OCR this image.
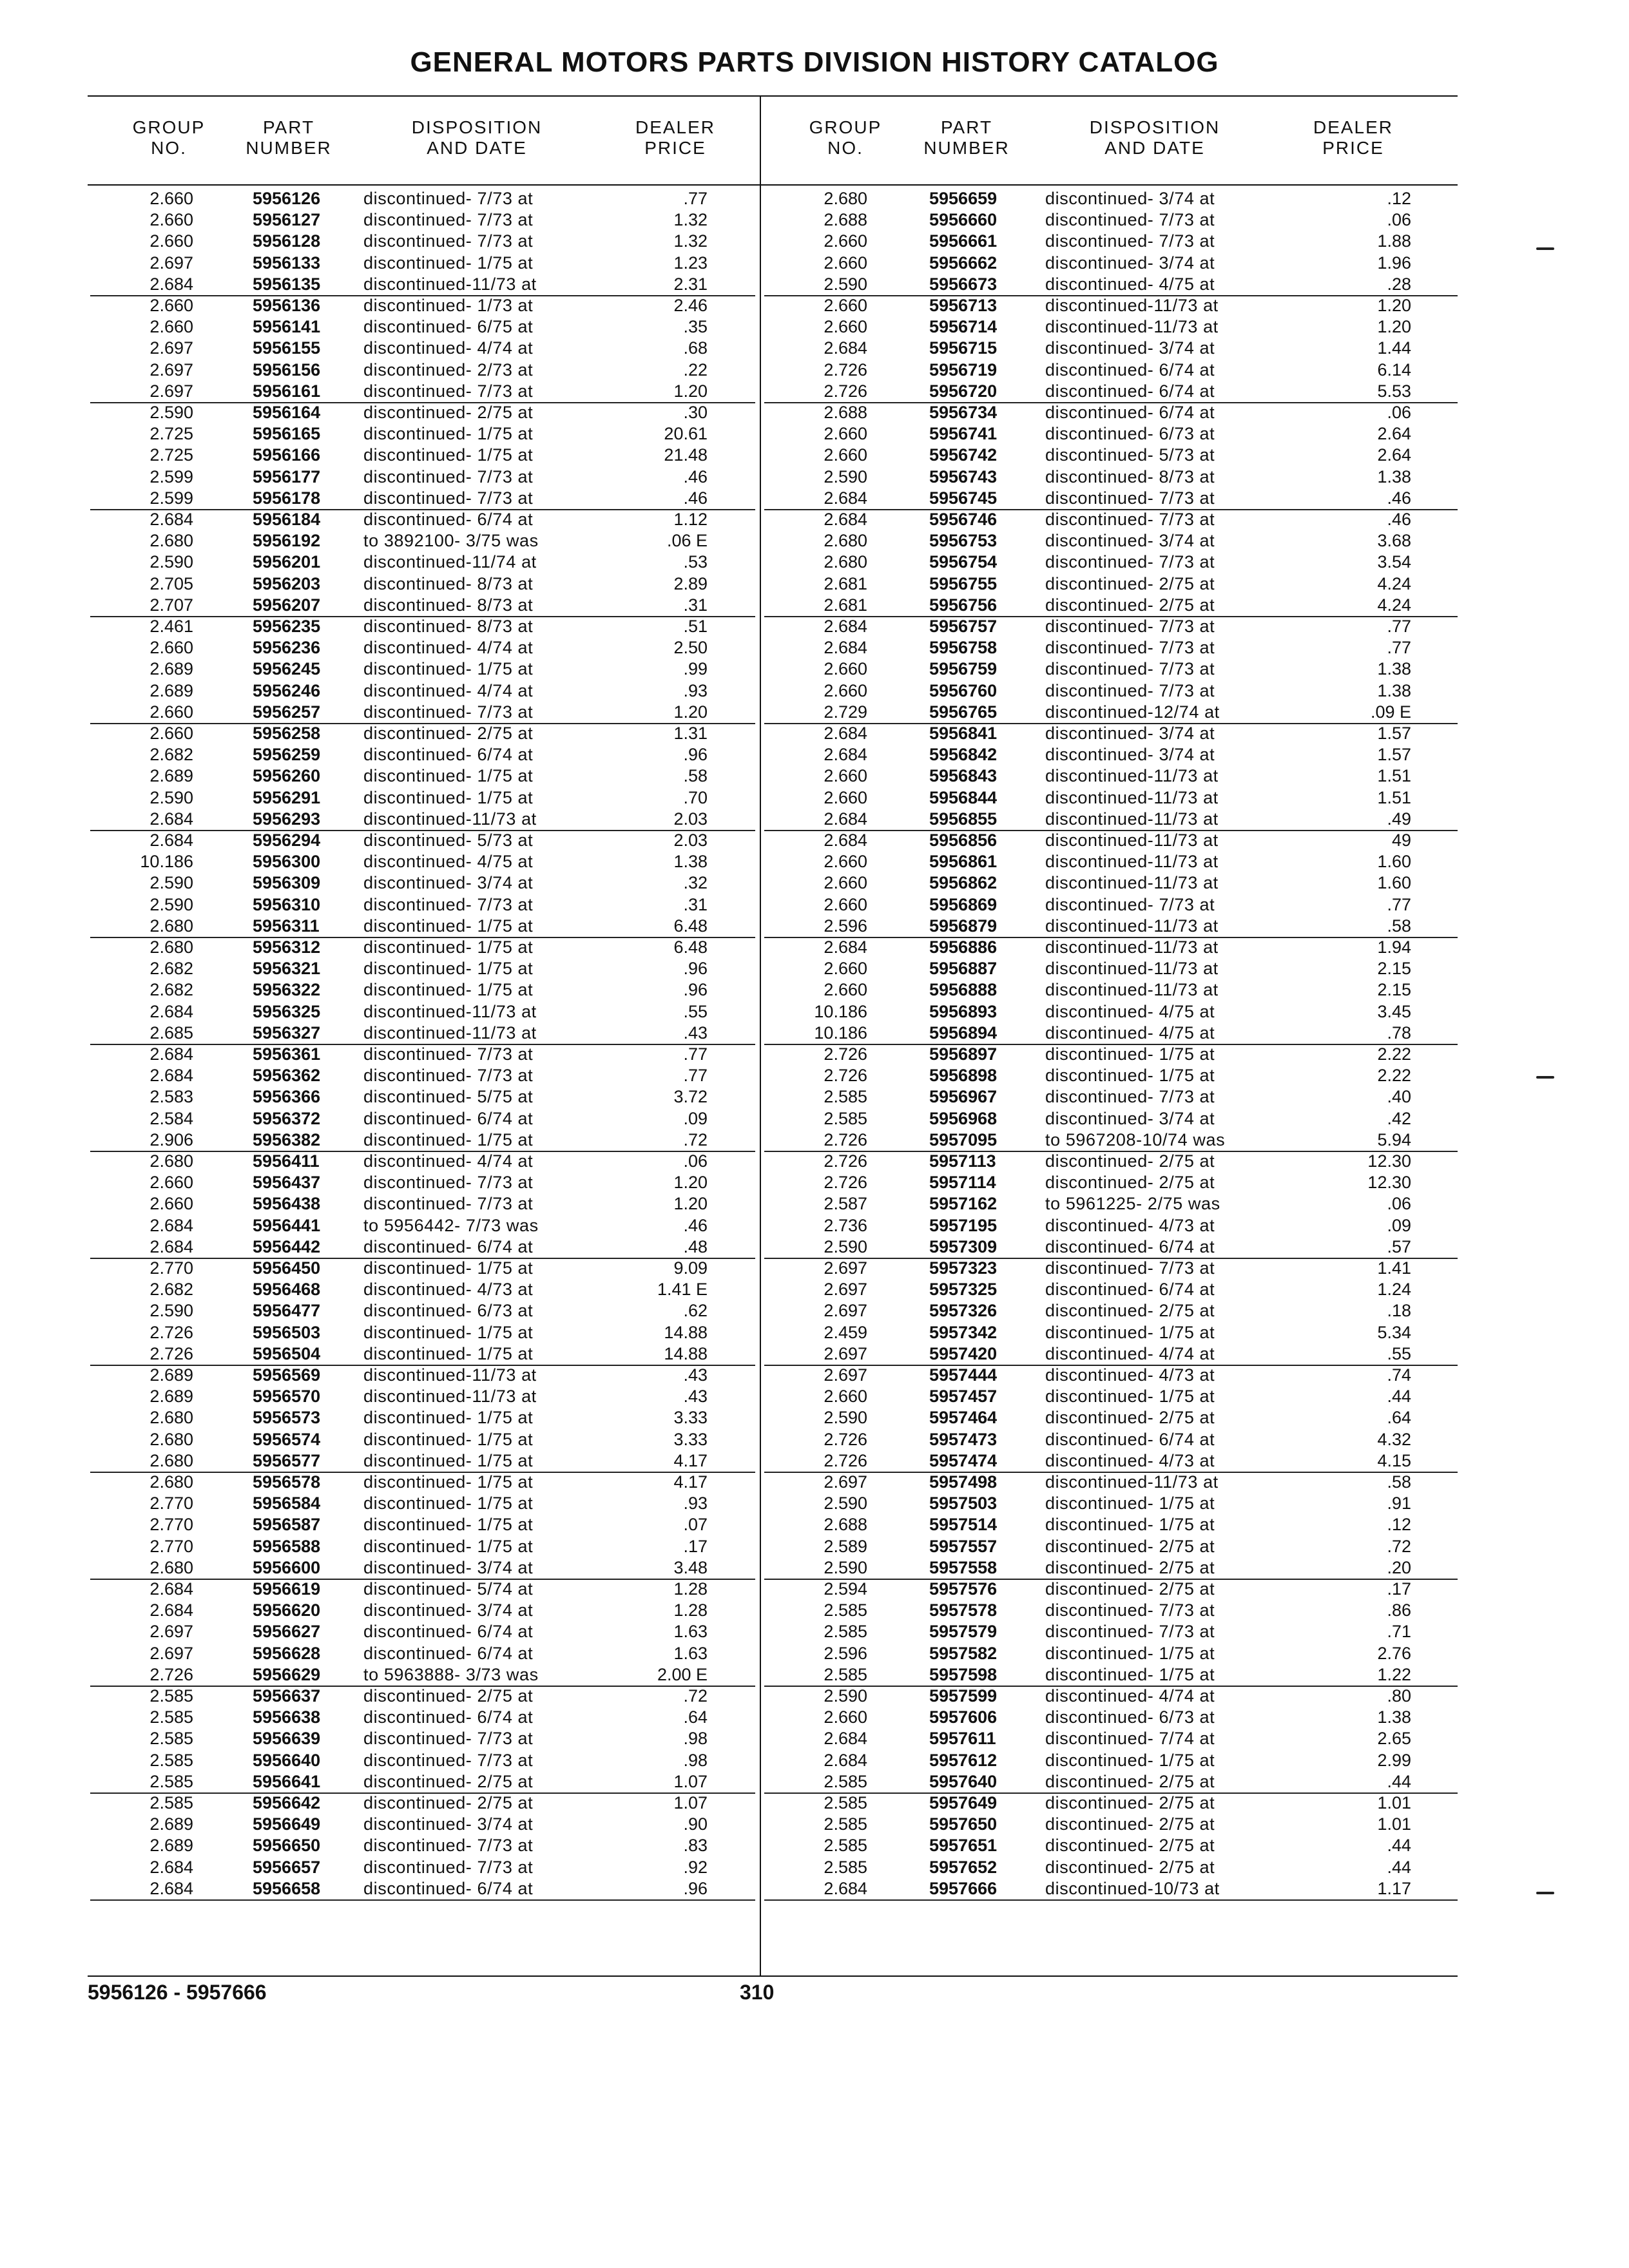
GENERAL MOTORS PARTS DIVISION HISTORY CATALOG
GROUP
NO.
PART
NUMBER
DISPOSITION
AND DATE
DEALER
PRICE
GROUP
NO.
PART
NUMBER
DISPOSITION
AND DATE
DEALER
PRICE
2.660	5956126 discontinued- 7/73 at	.77
2.660	5956127 discontinued- 7/73 at	1.32
2.660	5956128 discontinued- 7/73 at	1.32
2.697	5956133 discontinued- 1/75 at	1.23
2.684	5956135 discontinued-11/73 at	2.31
2.660	5956136 discontinued- 1/73 at	2.46
2.660	5956141 discontinued- 6/75 at	.35
2.697	5956155 discontinued- 4/74 at	.68
2.697	5956156 discontinued- 2/73 at	.22
2.697	5956161 discontinued- 7/73 at	1.20
2.590	5956164 discontinued- 2/75 at	.30
2.725	5956165 discontinued- 1/75 at	20.61
2.725	5956166 discontinued- 1/75 at	21.48
2.599	5956177 discontinued- 7/73 at	.46
2.599	5956178 discontinued- 7/73 at	.46
2.684	5956184 discontinued- 6/74 at	1.12
2.680	5956192 to 3892100- 3/75 was	.06 E
2.590	5956201 discontinued-11/74 at	.53
2.705	5956203 discontinued- 8/73 at	2.89
2.707	5956207 discontinued- 8/73 at	.31
2.461	5956235 discontinued- 8/73 at	.51
2.660	5956236 discontinued- 4/74 at	2.50
2.689	5956245 discontinued- 1/75 at	.99
2.689	5956246 discontinued- 4/74 at	.93
2.660	5956257 discontinued- 7/73 at	1.20
2.660	5956258 discontinued- 2/75 at	1.31
2.682	5956259 discontinued- 6/74 at	.96
2.689	5956260 discontinued- 1/75 at	.58
2.590	5956291 discontinued- 1/75 at	.70
2.684	5956293 discontinued-11/73 at	2.03
2.684	5956294 discontinued- 5/73 at	2.03
10.186	5956300 discontinued- 4/75 at	1.38
2.590	5956309 discontinued- 3/74 at	.32
2.590	5956310 discontinued- 7/73 at	.31
2.680	5956311	discontinued- 1/75 at	6.48
2.680	5956312 discontinued- 1/75 at	6.48
2.682	5956321 discontinued- 1/75 at	.96
2.682	5956322 discontinued- 1/75 at	.96
2.684	5956325 discontinued-11/73 at	.55
2.685	5956327 discontinued-11/73 at	.43
2.684	5956361 discontinued- 7/73 at	.77
2.684	5956362 discontinued- 7/73 at	.77
2.583	5956366 discontinued- 5/75 at	3.72
2.584	5956372 discontinued- 6/74 at	.09
2.906	5956382 discontinued- 1/75 at	.72
2.680	5956411	discontinued- 4/74 at	.06
2.660	5956437 discontinued- 7/73 at	1.20
2.660	5956438 discontinued- 7/73 at	1.20
2.684	5956441 to 5956442- 7/73 was	.46
2.684	5956442 discontinued- 6/74 at	.48
2.770	5956450 discontinued- 1/75 at	9.09
2.682	5956468 discontinued- 4/73 at	1.41 E
2.590	5956477 discontinued- 6/73 at	.62
2.726	5956503 discontinued- 1/75 at	14.88
2.726	5956504 discontinued- 1/75 at	14.88
2.689	5956569 discontinued-11/73 at	.43
2.689	5956570 discontinued-11/73 at	.43
2.680	5956573 discontinued- 1/75 at	3.33
2.680	5956574 discontinued- 1/75 at	3.33
2.680	5956577 discontinued- 1/75 at	4.17
2.680	5956578 discontinued- 1/75 at	4.17
2.770	5956584 discontinued- 1/75 at	.93
2.770	5956587 discontinued- 1/75 at	.07
2.770	5956588 discontinued- 1/75 at	.17
2.680	5956600 discontinued- 3/74 at	3.48
2.684	5956619 discontinued- 5/74 at	1.28
2.684	5956620 discontinued- 3/74 at	1.28
2.697	5956627 discontinued- 6/74 at	1.63
2.697	5956628 discontinued- 6/74 at	1.63
2.726	5956629 to 5963888- 3/73 was	2.00 E
2.585	5956637 discontinued- 2/75 at	.72
2.585	5956638 discontinued- 6/74 at	.64
2.585	5956639 discontinued- 7/73 at	.98
2.585	5956640 discontinued- 7/73 at	.98
2.585	5956641 discontinued- 2/75 at	1.07
2.585	5956642 discontinued- 2/75 at	1.07
2.689	5956649 discontinued- 3/74 at	.90
2.689	5956650 discontinued- 7/73 at	.83
2.684	5956657 discontinued- 7/73 at	.92
2.684	5956658 discontinued- 6/74 at	.96
2.680	5956659	discontinued- 3/74 at	.12
2.688	5956660	discontinued- 7/73 at	.06
2.660	5956661	discontinued- 7/73 at	1.88
2.660	5956662	discontinued- 3/74 at	1.96
2.590	5956673	discontinued- 4/75 at	.28
2.660	5956713	discontinued-11/73 at	1.20
2.660	5956714	discontinued-11/73 at	1.20
2.684	5956715	discontinued- 3/74 at	1.44
2.726	5956719	discontinued- 6/74 at	6.14
2.726	5956720	discontinued- 6/74 at	5.53
2.688	5956734	discontinued- 6/74 at	.06
2.660	5956741	discontinued- 6/73 at	2.64
2.660	5956742	discontinued- 5/73 at	2.64
2.590	5956743	discontinued- 8/73 at	1.38
2.684	5956745	discontinued- 7/73 at	.46
2.684	5956746	discontinued- 7/73 at	.46
2.680	5956753	discontinued- 3/74 at	3.68
2.680	5956754	discontinued- 7/73 at	3.54
2.681	5956755	discontinued- 2/75 at	4.24
2.681	5956756	discontinued- 2/75 at	4.24
2.684	5956757	discontinued- 7/73 at	.77
2.684	5956758	discontinued- 7/73 at	.77
2.660	5956759	discontinued- 7/73 at	1.38
2.660	5956760	discontinued- 7/73 at	1.38
2.729	5956765	discontinued-12/74 at	.09 E
2.684	5956841	discontinued- 3/74 at	1.57
2.684	5956842	discontinued- 3/74 at	1.57
2.660	5956843	discontinued-11/73 at	1.51
2.660	5956844	discontinued-11/73 at	1.51
2.684	5956855	discontinued-11/73 at	.49
2.684	5956856	discontinued-11/73 at	49
2.660	5956861	discontinued-11/73 at	1.60
2.660	5956862	discontinued-11/73 at	1.60
2.660	5956869	discontinued- 7/73 at	.77
2.596	5956879	discontinued-11/73 at	.58
2.684	5956886	discontinued-11/73 at	1.94
2.660	5956887	discontinued-11/73 at	2.15
2.660	5956888	discontinued-11/73 at	2.15
10.186	5956893	discontinued- 4/75 at	3.45
10.186	5956894	discontinued- 4/75 at	.78
2.726	5956897	discontinued- 1/75 at	2.22
2.726	5956898	discontinued- 1/75 at	2.22
2.585	5956967	discontinued- 7/73 at	.40
2.585	5956968	discontinued- 3/74 at	.42
2.726	5957095	to 5967208-10/74 was	5.94
2.726	5957113	discontinued- 2/75 at	12.30
2.726	5957114	discontinued- 2/75 at	12.30
2.587	5957162	to 5961225- 2/75 was	.06
2.736	5957195	discontinued- 4/73 at	.09
2.590	5957309	discontinued- 6/74 at	.57
2.697	5957323	discontinued- 7/73 at	1.41
2.697	5957325	discontinued- 6/74 at	1.24
2.697	5957326	discontinued- 2/75 at	.18
2.459	5957342	discontinued- 1/75 at	5.34
2.697	5957420	discontinued- 4/74 at	.55
2.697	5957444	discontinued- 4/73 at	.74
2.660	5957457	discontinued- 1/75 at	.44
2.590	5957464	discontinued- 2/75 at	.64
2.726	5957473	discontinued- 6/74 at	4.32
2.726	5957474	discontinued- 4/73 at	4.15
2.697	5957498	discontinued-11/73 at	.58
2.590	5957503	discontinued- 1/75 at	.91
2.688	5957514	discontinued- 1/75 at	.12
2.589	5957557	discontinued- 2/75 at	.72
2.590	5957558	discontinued- 2/75 at	.20
2.594	5957576	discontinued- 2/75 at	.17
2.585	5957578	discontinued- 7/73 at	.86
2.585	5957579	discontinued- 7/73 at	.71
2.596	5957582	discontinued- 1/75 at	2.76
2.585	5957598	discontinued- 1/75 at	1.22
2.590	5957599	discontinued- 4/74 at	.80
2.660	5957606	discontinued- 6/73 at	1.38
2.684	5957611	discontinued- 7/74 at	2.65
2.684	5957612	discontinued- 1/75 at	2.99
2.585	5957640	discontinued- 2/75 at	.44
2.585	5957649	discontinued- 2/75 at	1.01
2.585	5957650	discontinued- 2/75 at	1.01
2.585	5957651	discontinued- 2/75 at	.44
2.585	5957652	discontinued- 2/75 at	.44
2.684	5957666	discontinued-10/73 at	1.17
5956126 - 5957666	310
